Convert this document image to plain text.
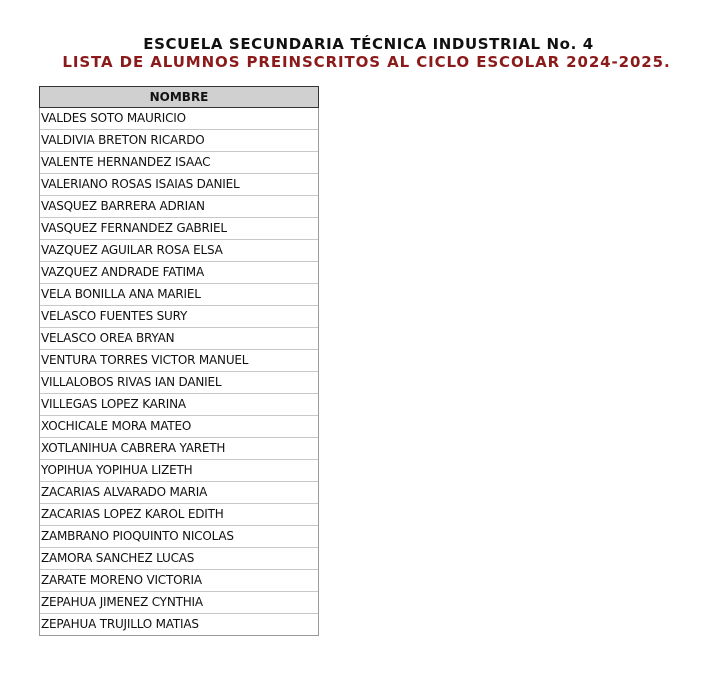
ESCUELA SECUNDARIA TÉCNICA INDUSTRIAL No. 4
LISTA DE ALUMNOS PREINSCRITOS AL CICLO ESCOLAR 2024-2025.
NOMBRE
VALDES SOTO MAURICIO
VALDIVIA BRETON RICARDO
VALENTE HERNANDEZ ISAAC
VALERIANO ROSAS ISAIAS DANIEL
VASQUEZ BARRERA ADRIAN
VASQUEZ FERNANDEZ GABRIEL
VAZQUEZ AGUILAR ROSA ELSA
VAZQUEZ ANDRADE FATIMA
VELA BONILLA ANA MARIEL
VELASCO FUENTES SURY
VELASCO OREA BRYAN
VENTURA TORRES VICTOR MANUEL
VILLALOBOS RIVAS IAN DANIEL
VILLEGAS LOPEZ KARINA
XOCHICALE MORA MATEO
XOTLANIHUA CABRERA YARETH
YOPIHUA YOPIHUA LIZETH
ZACARIAS ALVARADO MARIA
ZACARIAS LOPEZ KAROL EDITH
ZAMBRANO PIOQUINTO NICOLAS
ZAMORA SANCHEZ LUCAS
ZARATE MORENO VICTORIA
ZEPAHUA JIMENEZ CYNTHIA
ZEPAHUA TRUJILLO MATIAS
